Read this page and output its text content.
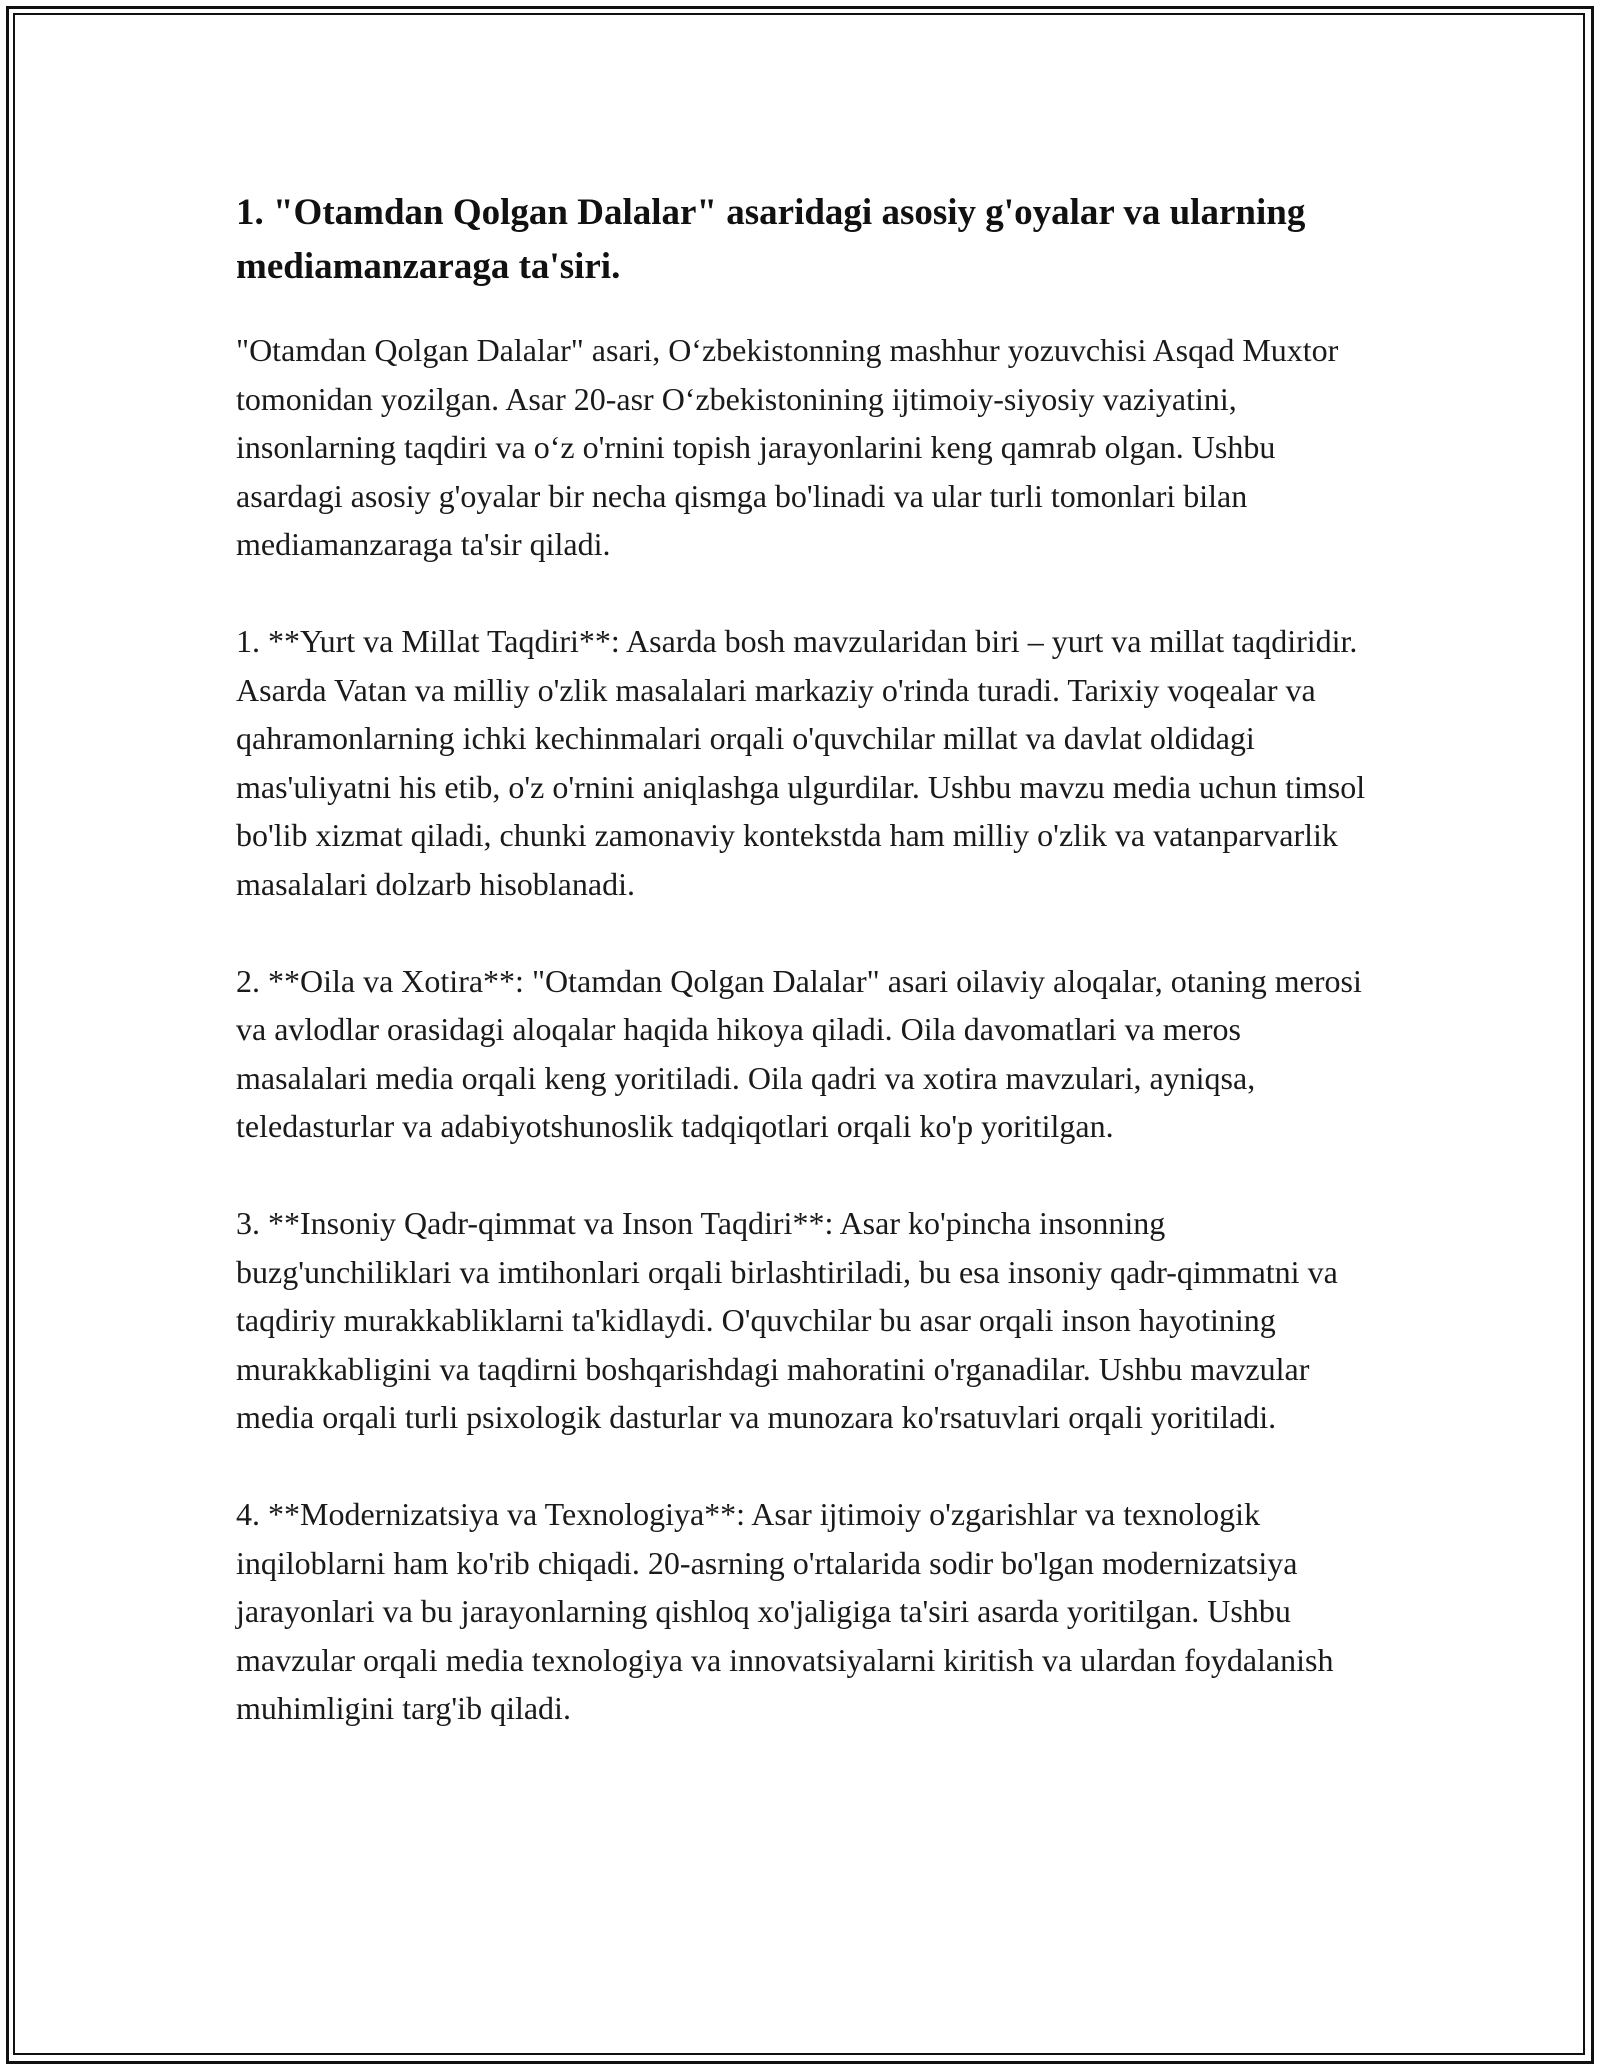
1. "Otamdan Qolgan Dalalar" asaridagi asosiy g'oyalar va ularning mediamanzaraga ta'siri.

"Otamdan Qolgan Dalalar" asari, O‘zbekistonning mashhur yozuvchisi Asqad Muxtor tomonidan yozilgan. Asar 20-asr O‘zbekistonining ijtimoiy-siyosiy vaziyatini, insonlarning taqdiri va o‘z o'rnini topish jarayonlarini keng qamrab olgan. Ushbu asardagi asosiy g'oyalar bir necha qismga bo'linadi va ular turli tomonlari bilan mediamanzaraga ta'sir qiladi.

1. **Yurt va Millat Taqdiri**: Asarda bosh mavzularidan biri – yurt va millat taqdiridir. Asarda Vatan va milliy o'zlik masalalari markaziy o'rinda turadi. Tarixiy voqealar va qahramonlarning ichki kechinmalari orqali o'quvchilar millat va davlat oldidagi mas'uliyatni his etib, o'z o'rnini aniqlashga ulgurdilar. Ushbu mavzu media uchun timsol bo'lib xizmat qiladi, chunki zamonaviy kontekstda ham milliy o'zlik va vatanparvarlik masalalari dolzarb hisoblanadi.

2. **Oila va Xotira**: "Otamdan Qolgan Dalalar" asari oilaviy aloqalar, otaning merosi va avlodlar orasidagi aloqalar haqida hikoya qiladi. Oila davomatlari va meros masalalari media orqali keng yoritiladi. Oila qadri va xotira mavzulari, ayniqsa, teledasturlar va adabiyotshunoslik tadqiqotlari orqali ko'p yoritilgan.

3. **Insoniy Qadr-qimmat va Inson Taqdiri**: Asar ko'pincha insonning buzg'unchiliklari va imtihonlari orqali birlashtiriladi, bu esa insoniy qadr-qimmatni va taqdiriy murakkabliklarni ta'kidlaydi. O'quvchilar bu asar orqali inson hayotining murakkabligini va taqdirni boshqarishdagi mahoratini o'rganadilar. Ushbu mavzular media orqali turli psixologik dasturlar va munozara ko'rsatuvlari orqali yoritiladi.

4. **Modernizatsiya va Texnologiya**: Asar ijtimoiy o'zgarishlar va texnologik inqiloblarni ham ko'rib chiqadi. 20-asrning o'rtalarida sodir bo'lgan modernizatsiya jarayonlari va bu jarayonlarning qishloq xo'jaligiga ta'siri asarda yoritilgan. Ushbu mavzular orqali media texnologiya va innovatsiyalarni kiritish va ulardan foydalanish muhimligini targ'ib qiladi.
